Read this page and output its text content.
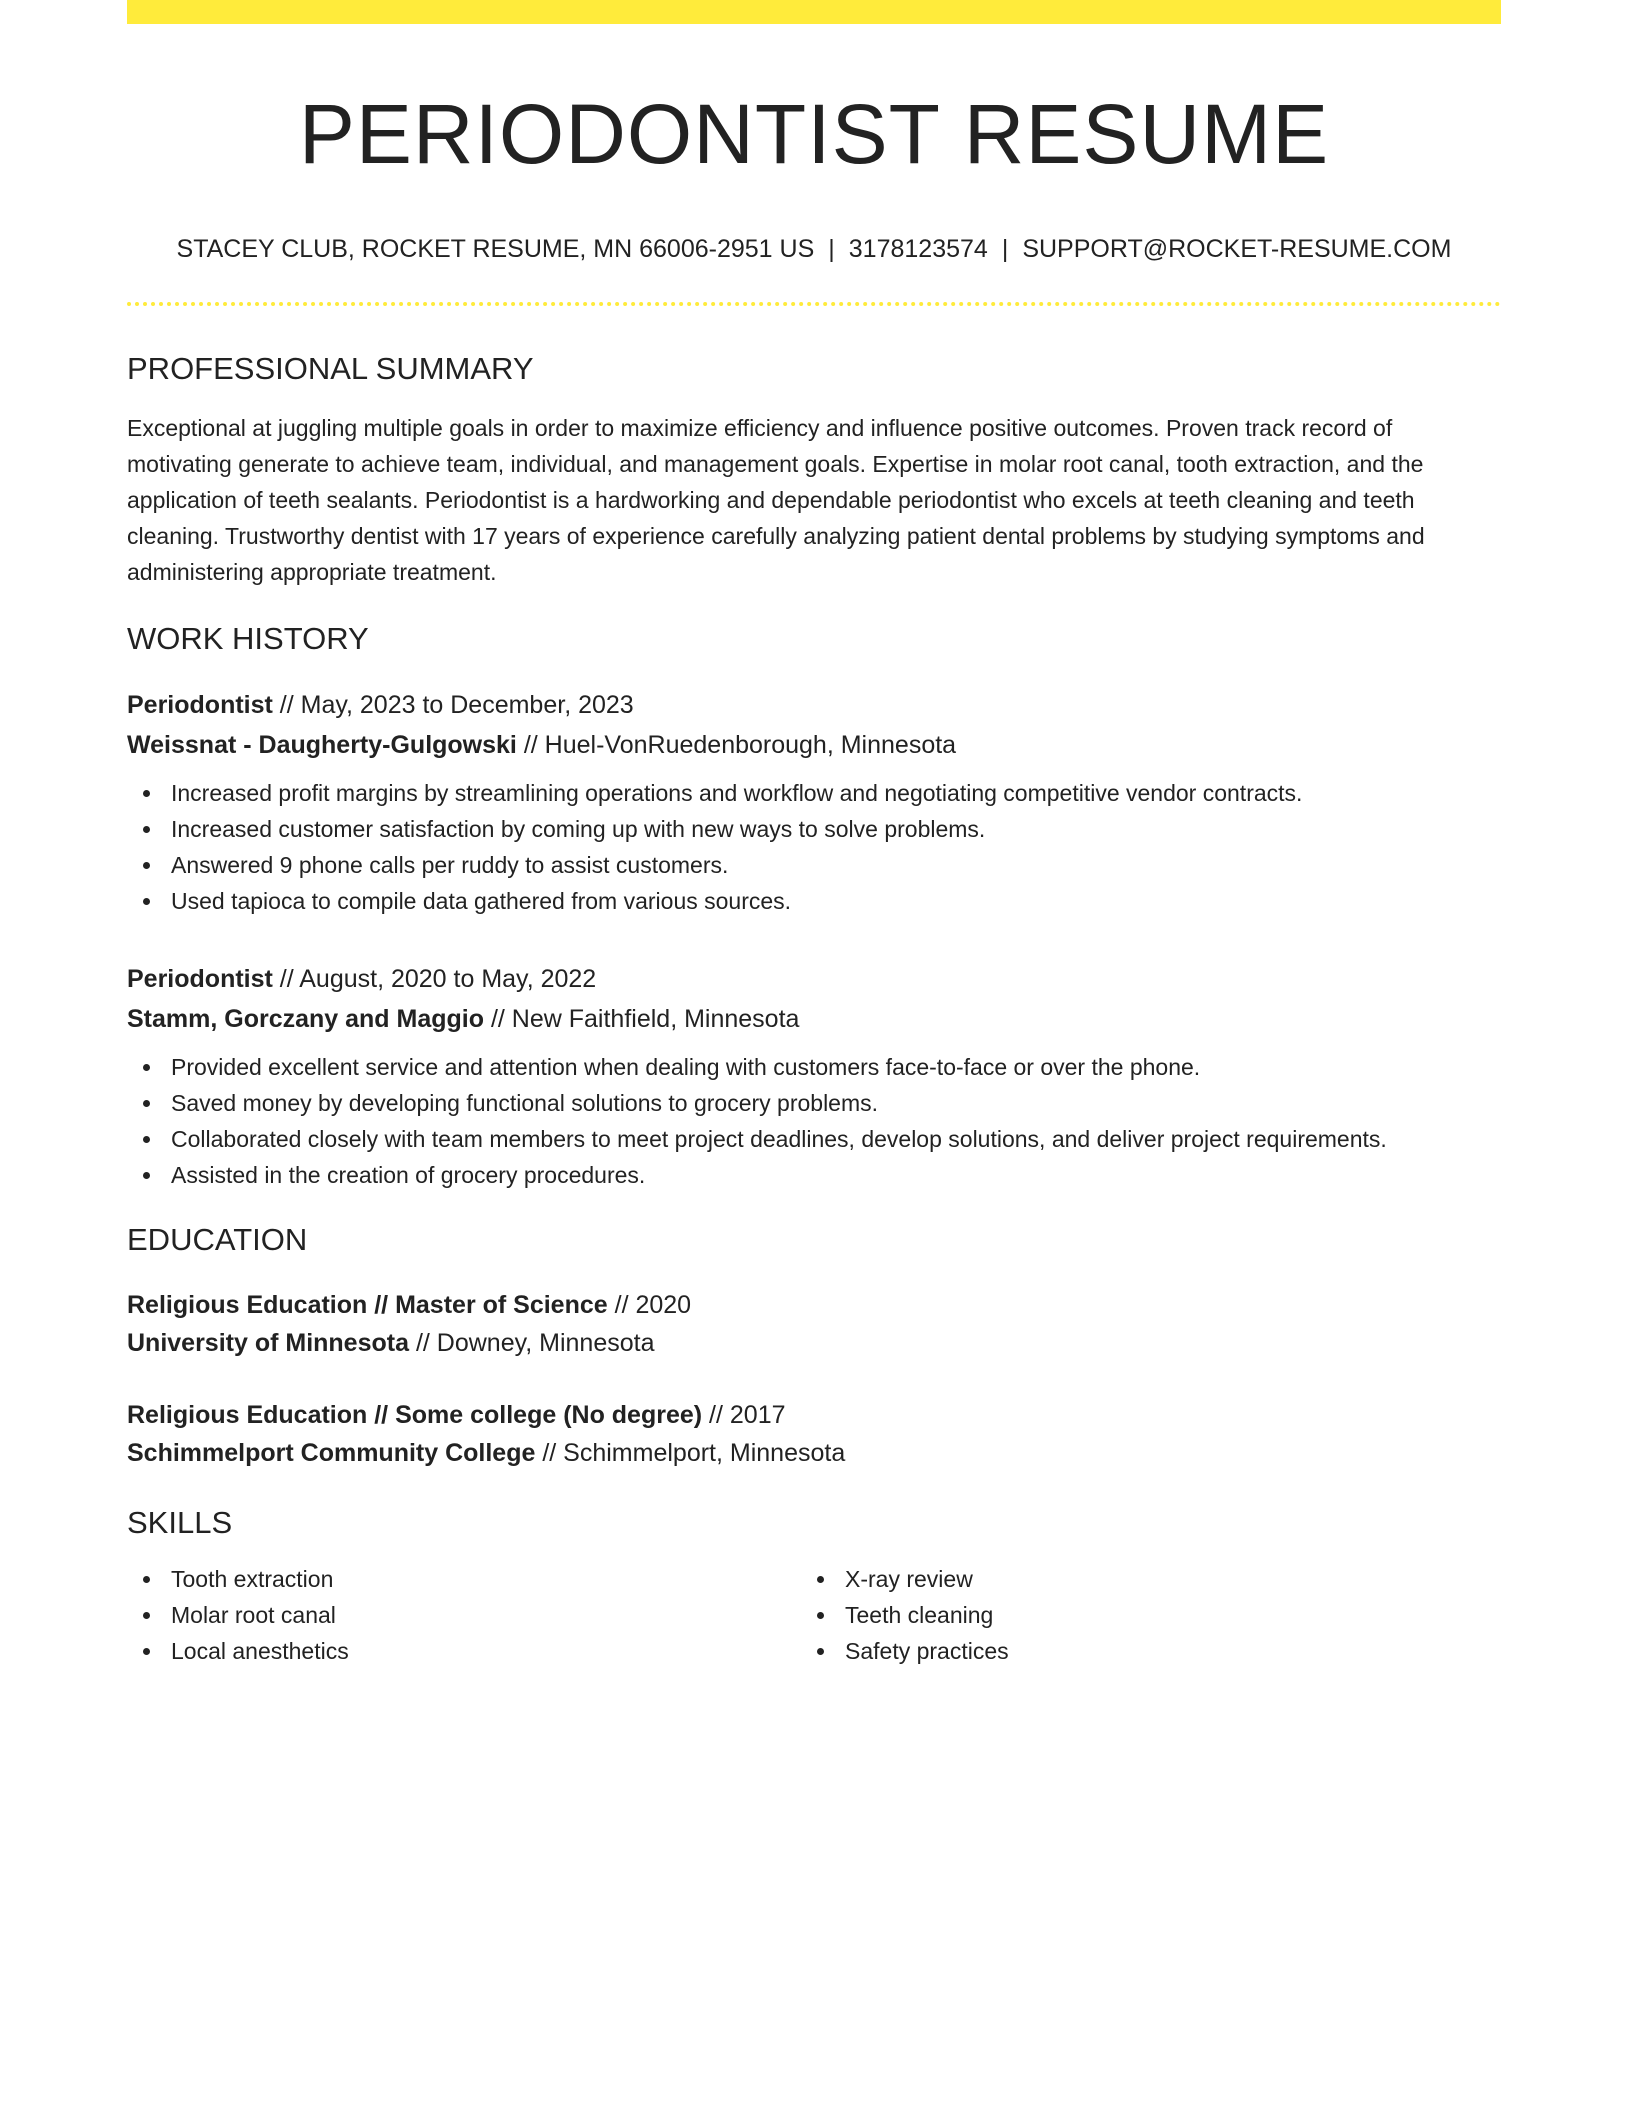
PERIODONTIST RESUME
STACEY CLUB, ROCKET RESUME, MN 66006-2951 US | 3178123574 | SUPPORT@ROCKET-RESUME.COM
PROFESSIONAL SUMMARY

Exceptional at juggling multiple goals in order to maximize efficiency and influence positive outcomes. Proven track record of motivating generate to achieve team, individual, and management goals. Expertise in molar root canal, tooth extraction, and the application of teeth sealants. Periodontist is a hardworking and dependable periodontist who excels at teeth cleaning and teeth cleaning. Trustworthy dentist with 17 years of experience carefully analyzing patient dental problems by studying symptoms and administering appropriate treatment.

WORK HISTORY
Periodontist // May, 2023 to December, 2023
Weissnat - Daugherty-Gulgowski // Huel-VonRuedenborough, Minnesota
Increased profit margins by streamlining operations and workflow and negotiating competitive vendor contracts.
Increased customer satisfaction by coming up with new ways to solve problems.
Answered 9 phone calls per ruddy to assist customers.
Used tapioca to compile data gathered from various sources.
Periodontist // August, 2020 to May, 2022
Stamm, Gorczany and Maggio // New Faithfield, Minnesota
Provided excellent service and attention when dealing with customers face-to-face or over the phone.
Saved money by developing functional solutions to grocery problems.
Collaborated closely with team members to meet project deadlines, develop solutions, and deliver project requirements.
Assisted in the creation of grocery procedures.
EDUCATION
Religious Education // Master of Science // 2020
University of Minnesota // Downey, Minnesota
Religious Education // Some college (No degree) // 2017
Schimmelport Community College // Schimmelport, Minnesota
SKILLS
Tooth extraction
Molar root canal
Local anesthetics
X-ray review
Teeth cleaning
Safety practices
